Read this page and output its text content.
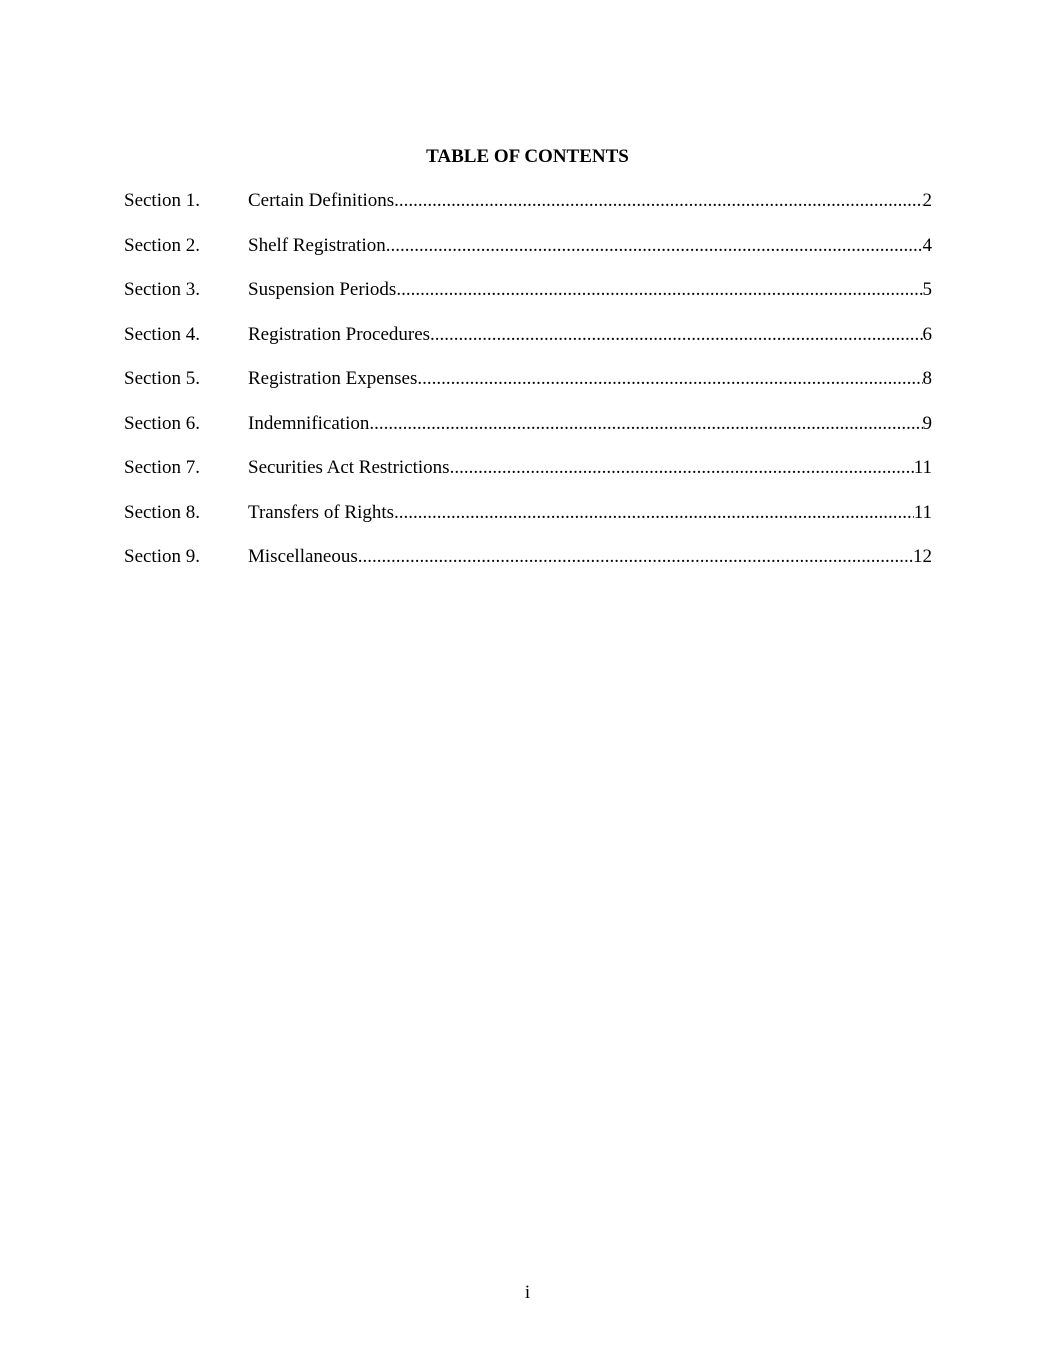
TABLE OF CONTENTS
Section 1.	Certain Definitions .....	2
Section 2.	Shelf Registration .....	4
Section 3.	Suspension Periods .....	5
Section 4.	Registration Procedures .....	6
Section 5.	Registration Expenses .....	8
Section 6.	Indemnification .....	9
Section 7.	Securities Act Restrictions .....	11
Section 8.	Transfers of Rights .....	11
Section 9.	Miscellaneous .....	12
i
